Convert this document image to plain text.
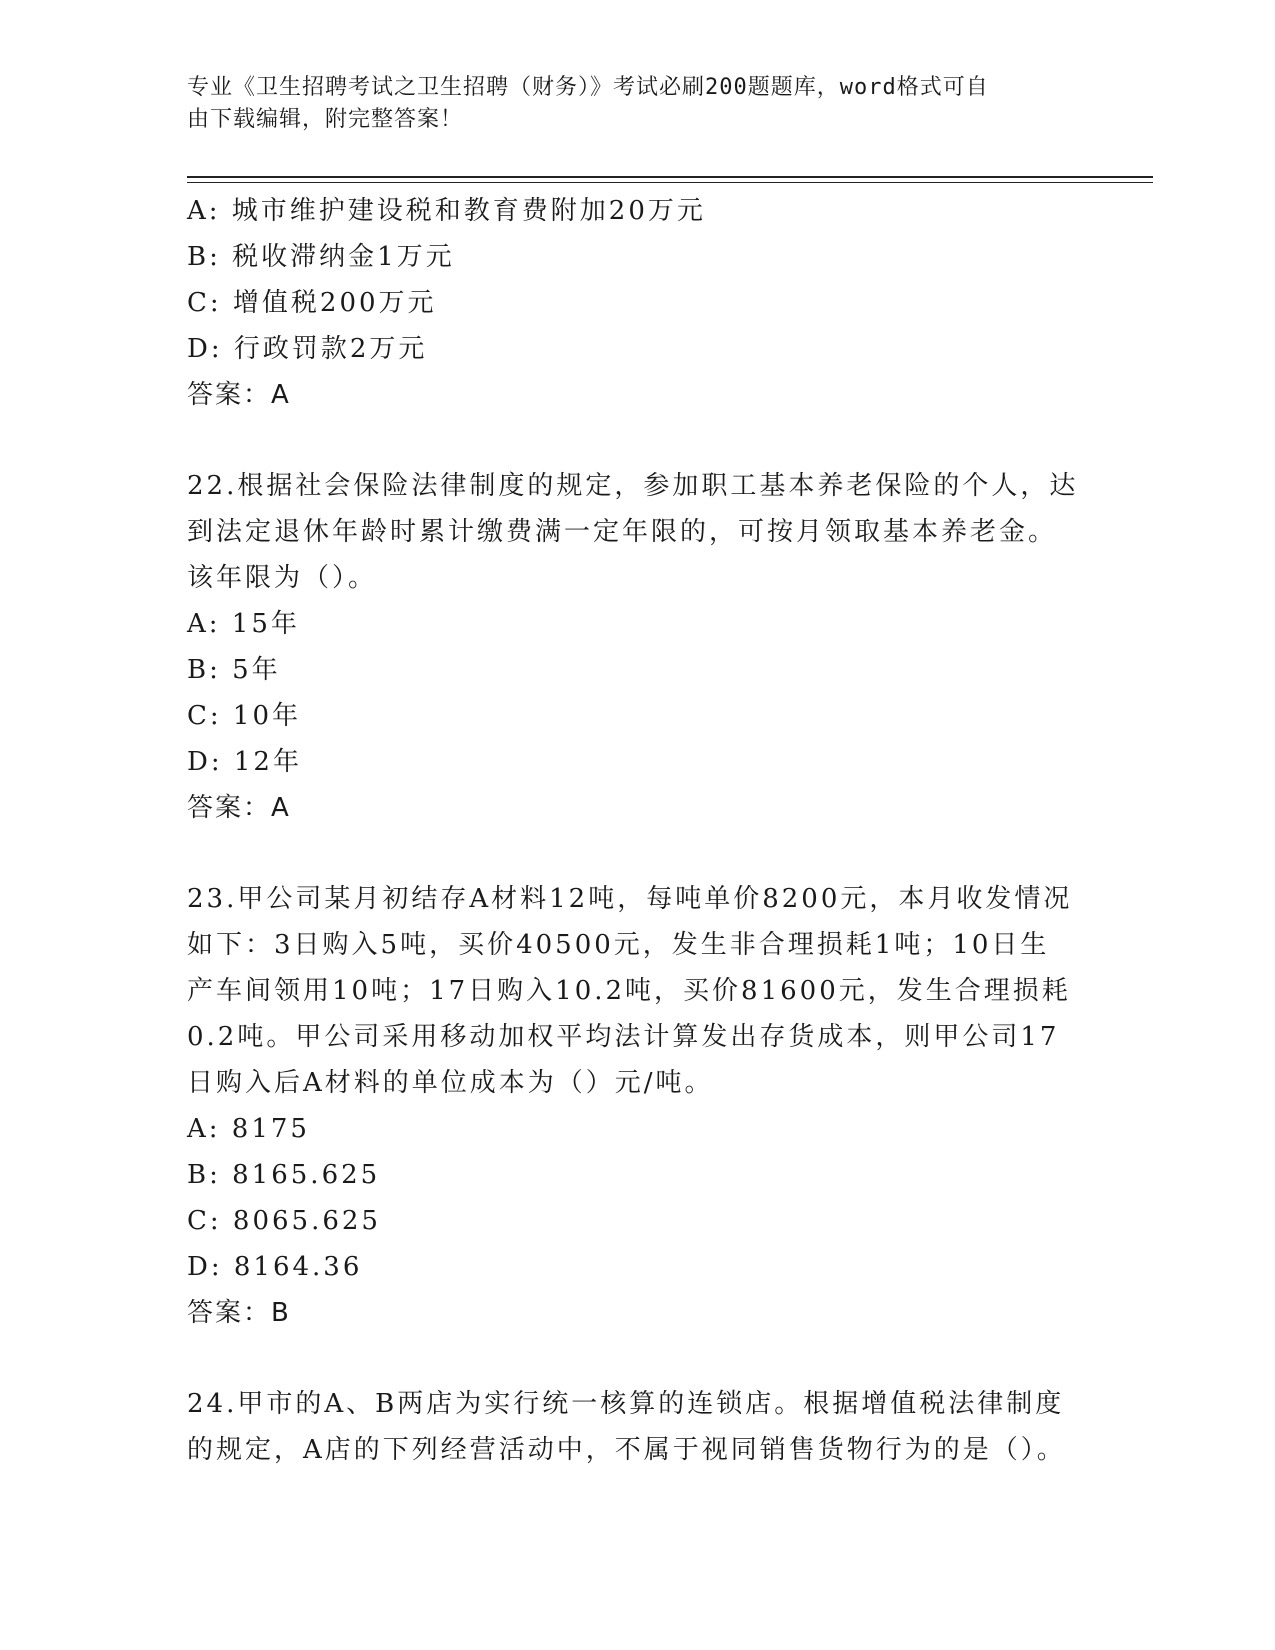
专业《卫生招聘考试之卫生招聘（财务）》考试必刷200题题库，word格式可自
由下载编辑，附完整答案！
A: 城市维护建设税和教育费附加20万元
B: 税收滞纳金1万元
C: 增值税200万元
D: 行政罚款2万元
答案：A
22.根据社会保险法律制度的规定，参加职工基本养老保险的个人，达
到法定退休年龄时累计缴费满一定年限的，可按月领取基本养老金。
该年限为（）。
A: 15年
B: 5年
C: 10年
D: 12年
答案：A
23.甲公司某月初结存A材料12吨，每吨单价8200元，本月收发情况
如下：3日购入5吨，买价40500元，发生非合理损耗1吨；10日生
产车间领用10吨；17日购入10.2吨，买价81600元，发生合理损耗
0.2吨。甲公司采用移动加权平均法计算发出存货成本，则甲公司17
日购入后A材料的单位成本为（）元/吨。
A: 8175
B: 8165.625
C: 8065.625
D: 8164.36
答案：B
24.甲市的A、B两店为实行统一核算的连锁店。根据增值税法律制度
的规定，A店的下列经营活动中，不属于视同销售货物行为的是（）。
